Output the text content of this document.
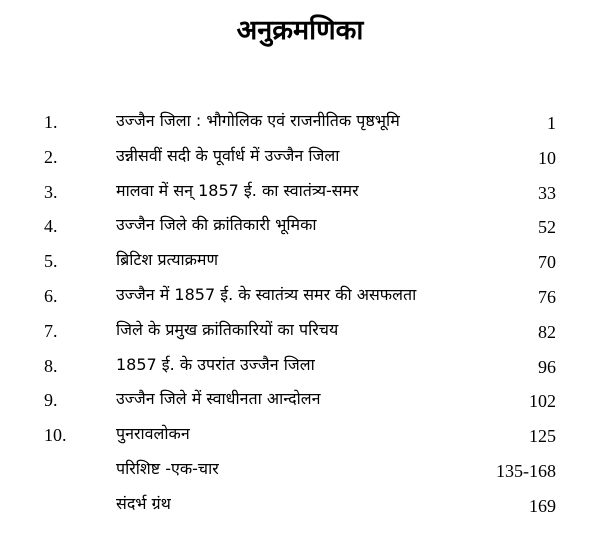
अनुक्रमणिका
1.	उज्जैन जिला : भौगोलिक एवं राजनीतिक पृष्ठभूमि	1
2.	उन्नीसवीं सदी के पूर्वार्ध में उज्जैन जिला	10
3.	मालवा में सन् 1857 ई. का स्वातंत्र्य-समर	33
4.	उज्जैन जिले की क्रांतिकारी भूमिका	52
5.	ब्रिटिश प्रत्याक्रमण	70
6.	उज्जैन में 1857 ई. के स्वातंत्र्य समर की असफलता	76
7.	जिले के प्रमुख क्रांतिकारियों का परिचय	82
8.	1857 ई. के उपरांत उज्जैन जिला	96
9.	उज्जैन जिले में स्वाधीनता आन्दोलन	102
10.	पुनरावलोकन	125
परिशिष्ट -एक-चार	135-168
संदर्भ ग्रंथ	169
